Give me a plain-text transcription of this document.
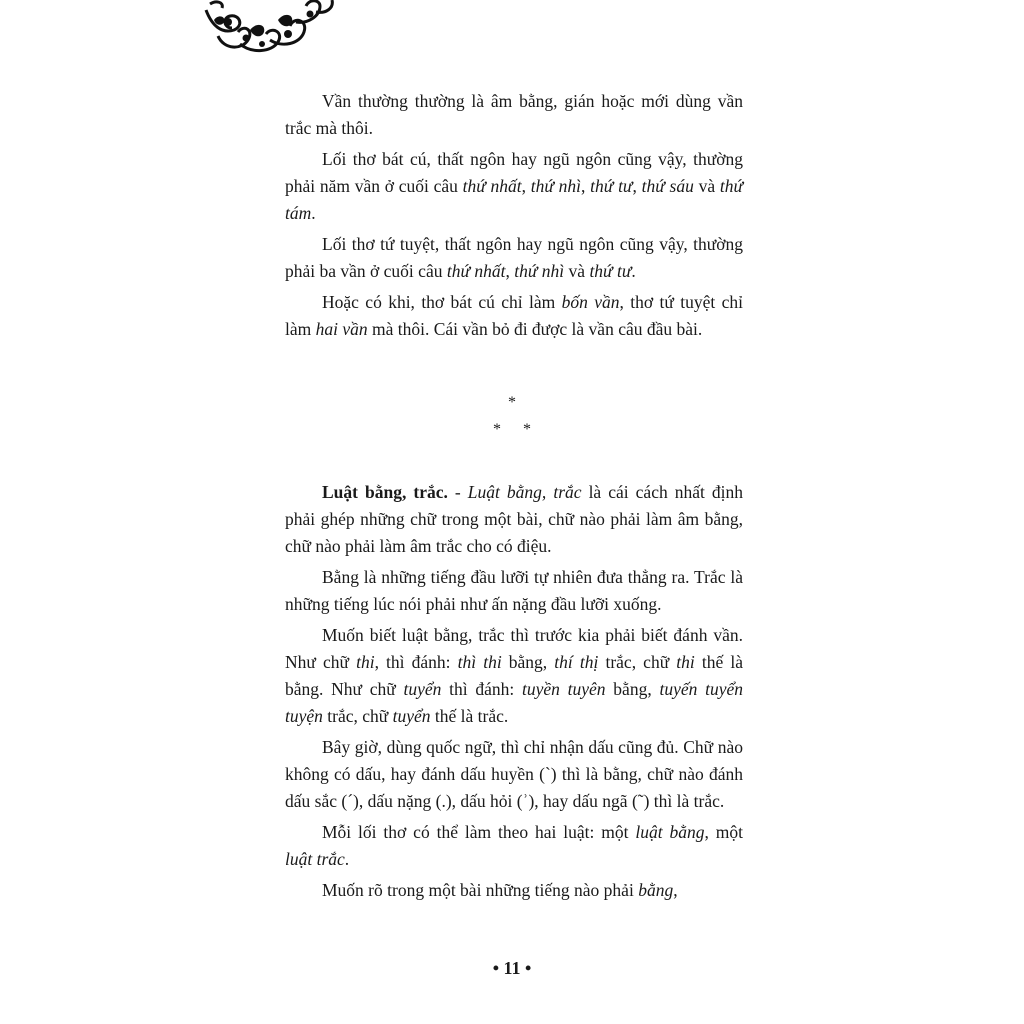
Vần thường thường là âm bằng, gián hoặc mới dùng vần trắc mà thôi.

Lối thơ bát cú, thất ngôn hay ngũ ngôn cũng vậy, thường phải năm vần ở cuối câu thứ nhất, thứ nhì, thứ tư, thứ sáu và thứ tám.

Lối thơ tứ tuyệt, thất ngôn hay ngũ ngôn cũng vậy, thường phải ba vần ở cuối câu thứ nhất, thứ nhì và thứ tư.

Hoặc có khi, thơ bát cú chỉ làm bốn vần, thơ tứ tuyệt chỉ làm hai vần mà thôi. Cái vần bỏ đi được là vần câu đầu bài.

*
* *

Luật bằng, trắc. - Luật bằng, trắc là cái cách nhất định phải ghép những chữ trong một bài, chữ nào phải làm âm bằng, chữ nào phải làm âm trắc cho có điệu.

Bằng là những tiếng đầu lưỡi tự nhiên đưa thẳng ra. Trắc là những tiếng lúc nói phải như ấn nặng đầu lưỡi xuống.

Muốn biết luật bằng, trắc thì trước kia phải biết đánh vần. Như chữ thi, thì đánh: thì thi bằng, thí thị trắc, chữ thi thế là bằng. Như chữ tuyển thì đánh: tuyền tuyên bằng, tuyến tuyển tuyện trắc, chữ tuyển thế là trắc.

Bây giờ, dùng quốc ngữ, thì chỉ nhận dấu cũng đủ. Chữ nào không có dấu, hay đánh dấu huyền (`) thì là bằng, chữ nào đánh dấu sắc (´), dấu nặng (.), dấu hỏi (ʾ), hay dấu ngã (˜) thì là trắc.

Mỗi lối thơ có thể làm theo hai luật: một luật bằng, một luật trắc.

Muốn rõ trong một bài những tiếng nào phải bằng,

• 11 •
